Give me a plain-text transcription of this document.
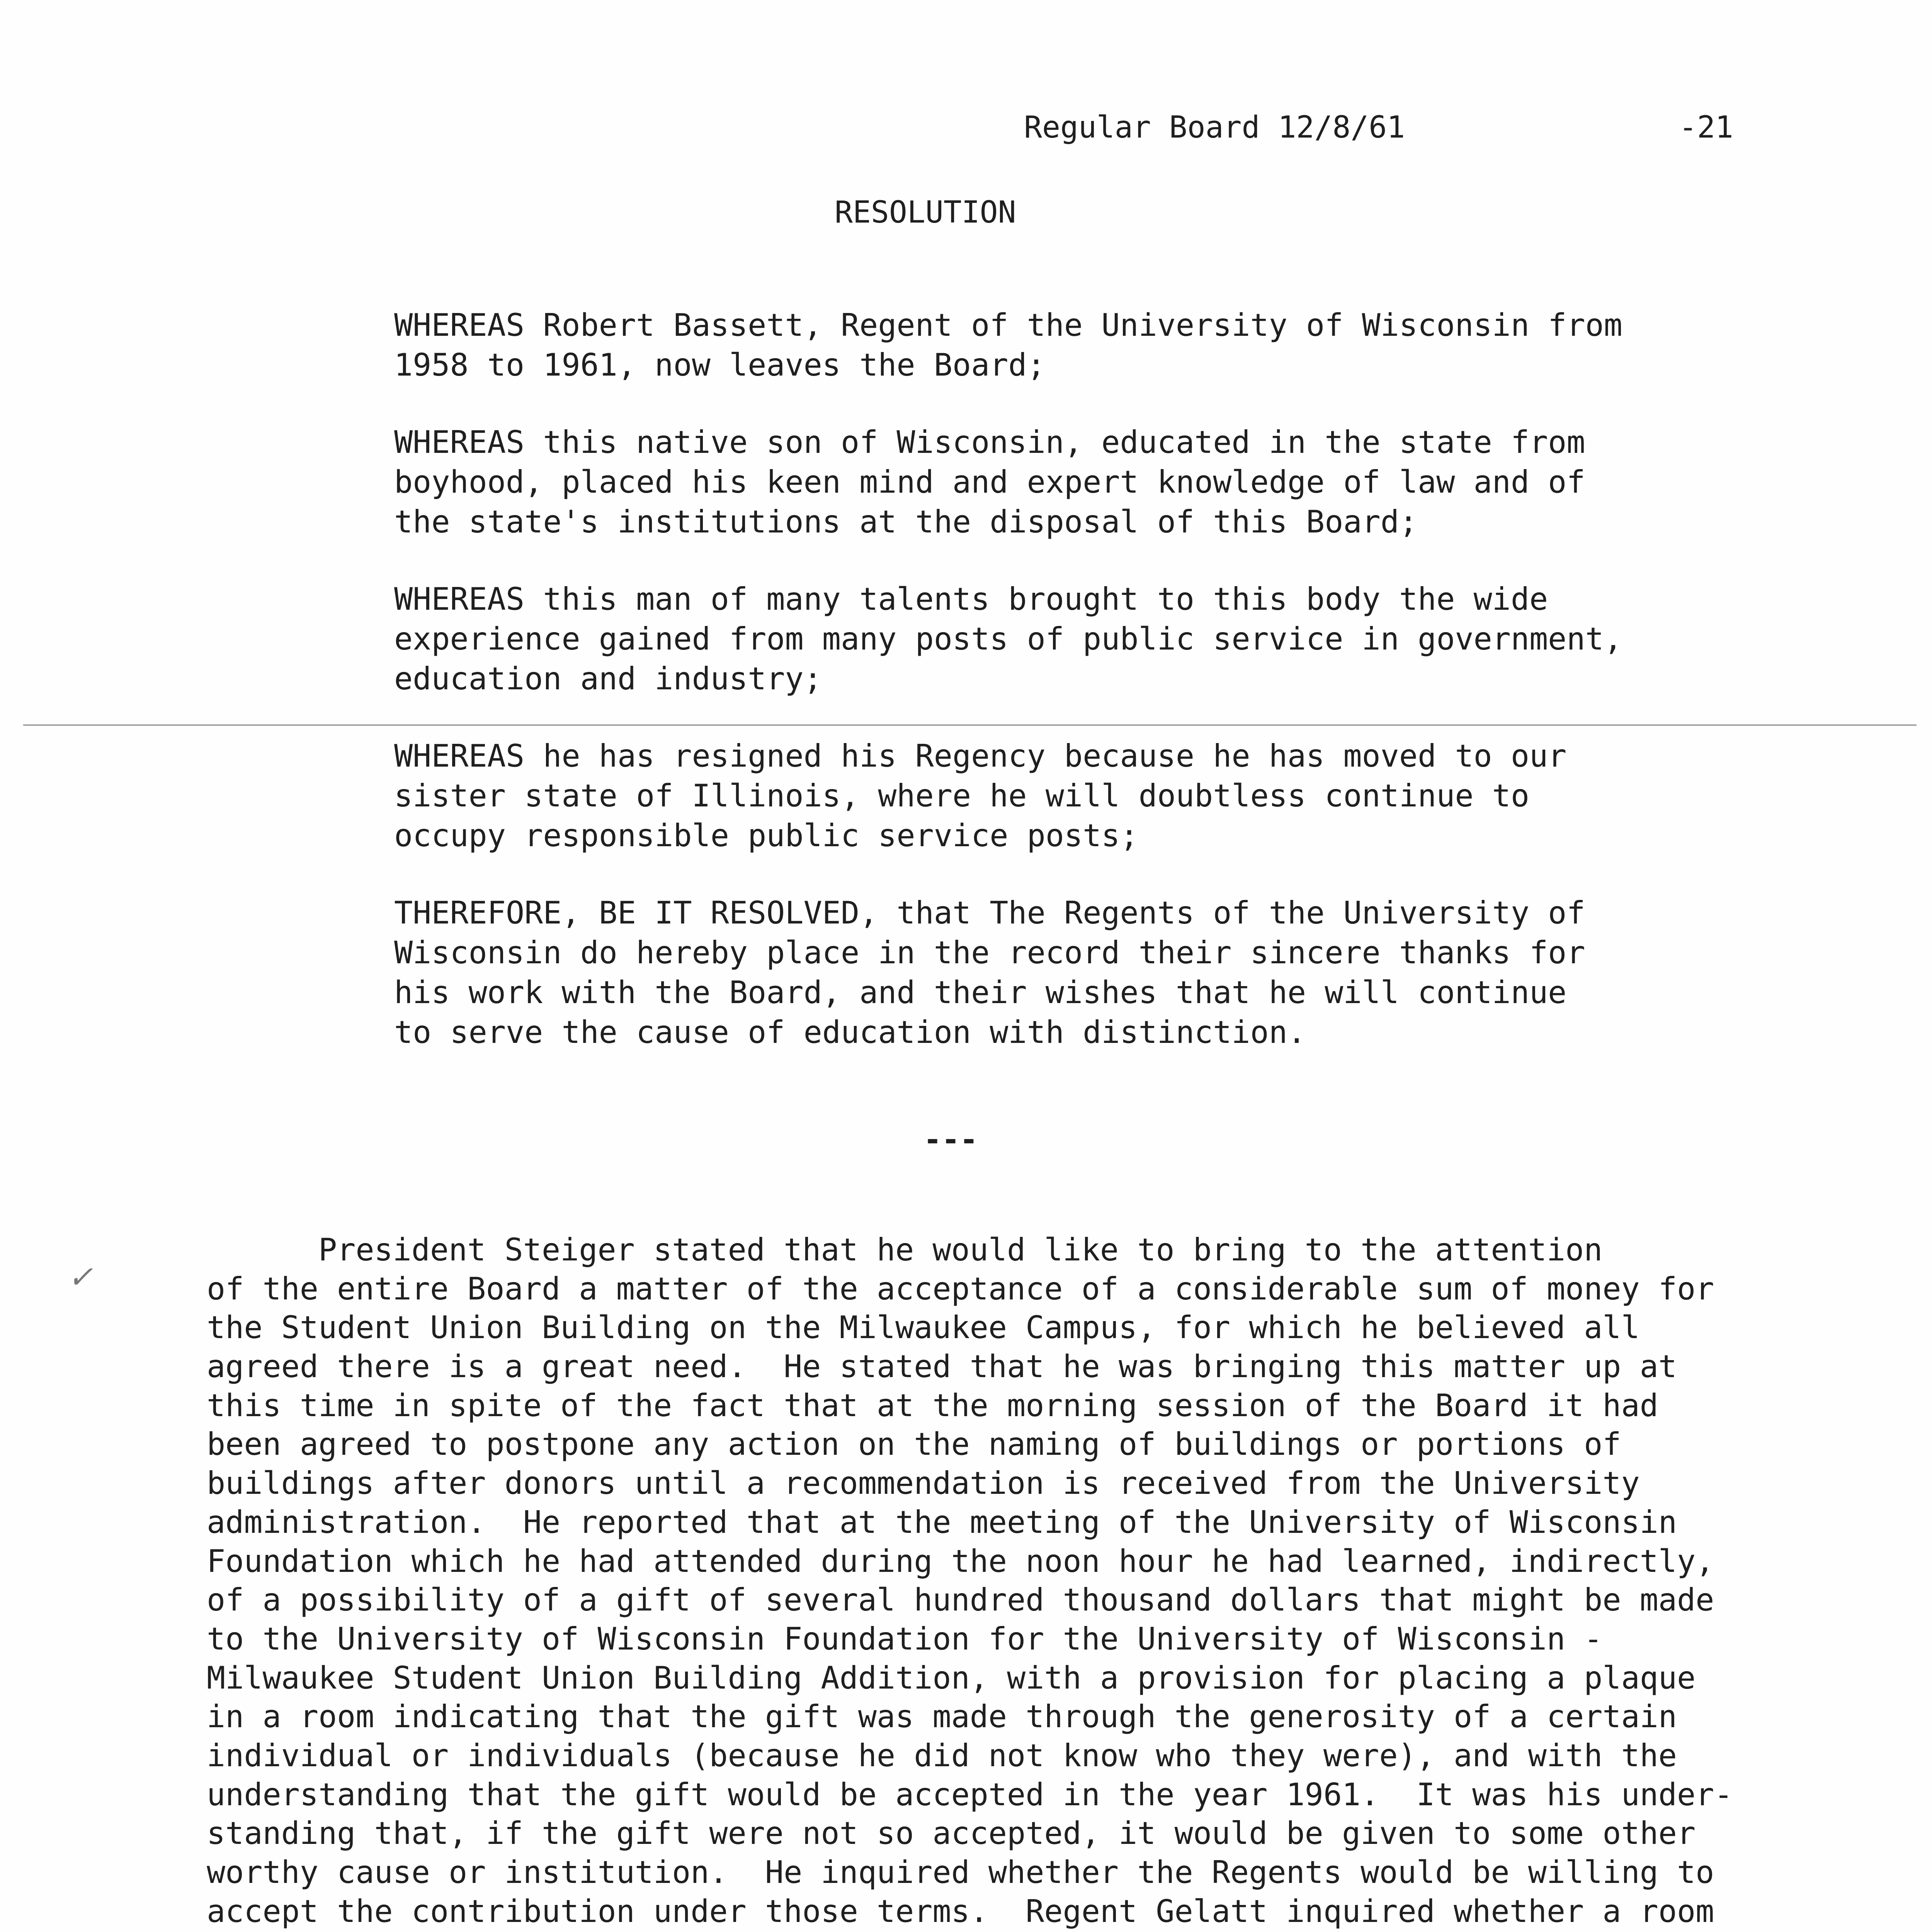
Regular Board 12/8/61	-21
RESOLUTION

WHEREAS Robert Bassett, Regent of the University of Wisconsin from
1958 to 1961, now leaves the Board;

WHEREAS this native son of Wisconsin, educated in the state from
boyhood, placed his keen mind and expert knowledge of law and of
the state's institutions at the disposal of this Board;

WHEREAS this man of many talents brought to this body the wide
experience gained from many posts of public service in government,
education and industry;

WHEREAS he has resigned his Regency because he has moved to our
sister state of Illinois, where he will doubtless continue to
occupy responsible public service posts;

THEREFORE, BE IT RESOLVED, that The Regents of the University of
Wisconsin do hereby place in the record their sincere thanks for
his work with the Board, and their wishes that he will continue
to serve the cause of education with distinction.

---
✓
President Steiger stated that he would like to bring to the attention
of the entire Board a matter of the acceptance of a considerable sum of money for
the Student Union Building on the Milwaukee Campus, for which he believed all
agreed there is a great need.  He stated that he was bringing this matter up at
this time in spite of the fact that at the morning session of the Board it had
been agreed to postpone any action on the naming of buildings or portions of
buildings after donors until a recommendation is received from the University
administration.  He reported that at the meeting of the University of Wisconsin
Foundation which he had attended during the noon hour he had learned, indirectly,
of a possibility of a gift of several hundred thousand dollars that might be made
to the University of Wisconsin Foundation for the University of Wisconsin -
Milwaukee Student Union Building Addition, with a provision for placing a plaque
in a room indicating that the gift was made through the generosity of a certain
individual or individuals (because he did not know who they were), and with the
understanding that the gift would be accepted in the year 1961.  It was his under-
standing that, if the gift were not so accepted, it would be given to some other
worthy cause or institution.  He inquired whether the Regents would be willing to
accept the contribution under those terms.  Regent Gelatt inquired whether a room
